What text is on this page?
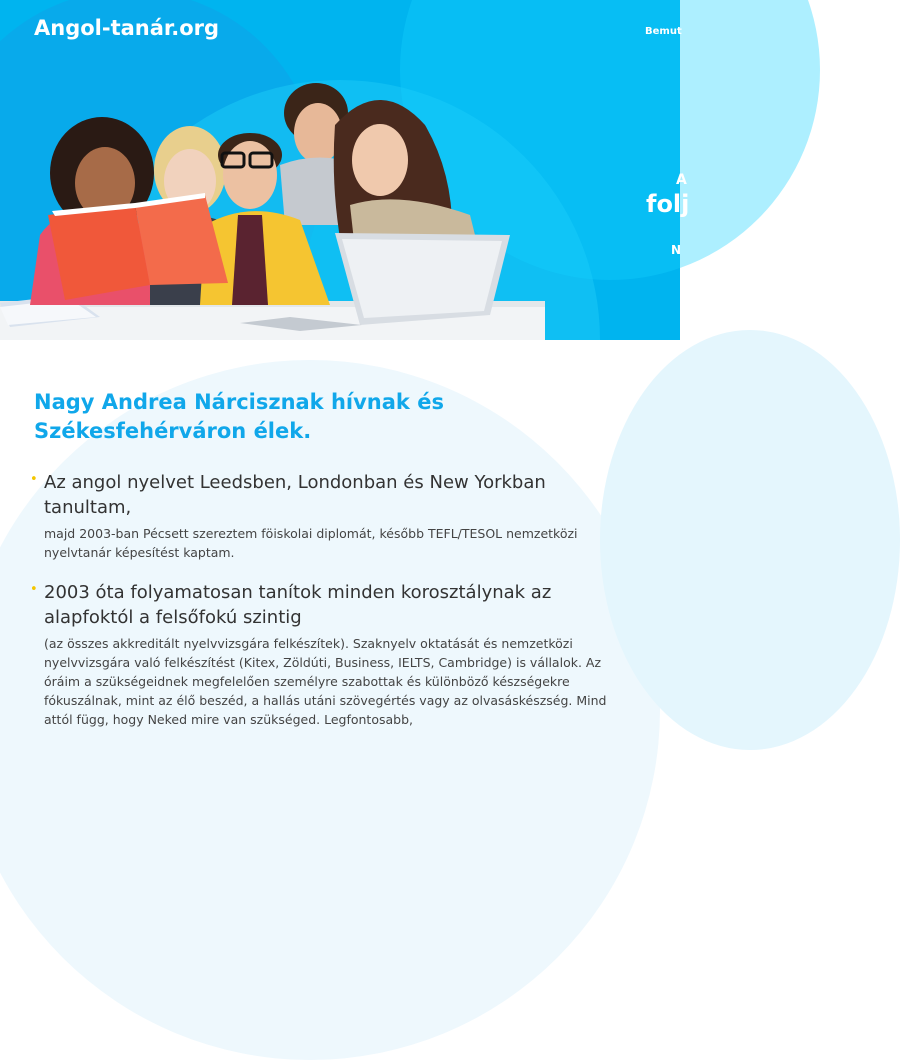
Angol-tanár.org	Bemut
A
folj
N
Nagy Andrea Nárcisznak hívnak és
Székesfehérváron élek.
• Az angol nyelvet Leedsben, Londonban és New Yorkban tanultam,

majd 2003-ban Pécsett szereztem föiskolai diplomát, később TEFL/TESOL nemzetközi nyelvtanár képesítést kaptam.

• 2003 óta folyamatosan tanítok minden korosztálynak az alapfoktól a felsőfokú szintig

(az összes akkreditált nyelvvizsgára felkészítek). Szaknyelv oktatását és nemzetközi nyelvvizsgára való felkészítést (Kitex, Zöldúti, Business, IELTS, Cambridge) is vállalok. Az óráim a szükségeidnek megfelelően személyre szabottak és különböző készségekre fókuszálnak, mint az élő beszéd, a hallás utáni szövegértés vagy az olvasáskészség. Mind attól függ, hogy Neked mire van szükséged. Legfontosabb,
